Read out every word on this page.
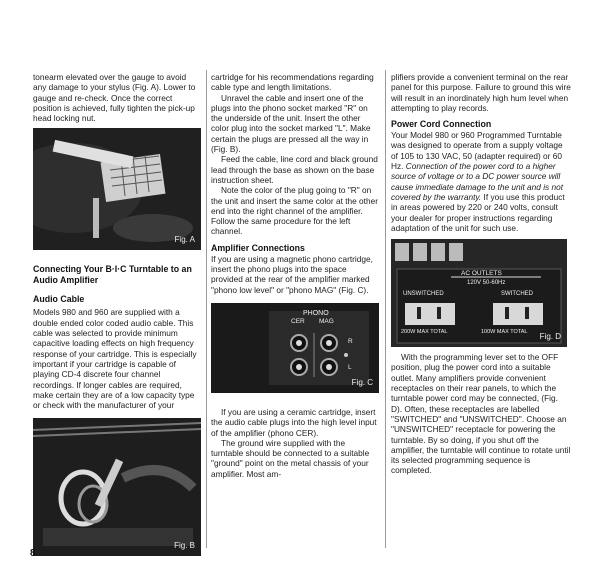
tonearm elevated over the gauge to avoid any damage to your stylus (Fig. A). Lower to gauge and re-check. Once the correct position is achieved, fully tighten the pick-up head locking nut.

Fig. A
Connecting Your B·I·C Turntable to an Audio Amplifier
Audio Cable

Models 980 and 960 are supplied with a double ended color coded audio cable. This cable was selected to provide minimum capacitive loading effects on high frequency response of your cartridge. This is especially important if your cartridge is capable of playing CD-4 discrete four channel recordings. If longer cables are required, make certain they are of a low capacity type or check with the manufacturer of your

Fig. B

cartridge for his recommendations regarding cable type and length limitations.

Unravel the cable and insert one of the plugs into the phono socket marked "R" on the underside of the unit. Insert the other color plug into the socket marked "L". Make certain the plugs are pressed all the way in (Fig. B).

Feed the cable, line cord and black ground lead through the base as shown on the base instruction sheet.

Note the color of the plug going to "R" on the unit and insert the same color at the other end into the right channel of the amplifier. Follow the same procedure for the left channel.

Amplifier Connections

If you are using a magnetic phono cartridge, insert the phono plugs into the space provided at the rear of the amplifier marked "phono low level" or "phono MAG" (Fig. C).

PHONO
CER MAG
R
L
Fig. C

If you are using a ceramic cartridge, insert the audio cable plugs into the high level input of the amplifier (phono CER).

The ground wire supplied with the turntable should be connected to a suitable "ground" point on the metal chassis of your amplifier. Most am-

plifiers provide a convenient terminal on the rear panel for this purpose. Failure to ground this wire will result in an inordinately high hum level when attempting to play records.

Power Cord Connection

Your Model 980 or 960 Programmed Turntable was designed to operate from a supply voltage of 105 to 130 VAC, 50 (adapter required) or 60 Hz. Connection of the power cord to a higher source of voltage or to a DC power source will cause immediate damage to the unit and is not covered by the warranty. If you use this product in areas powered by 220 or 240 volts, consult your dealer for proper instructions regarding adaptation of the unit for such use.

AC OUTLETS
120V 50-60Hz
UNSWITCHED	SWITCHED
200W MAX TOTAL	100W MAX TOTAL Fig. D

With the programming lever set to the OFF position, plug the power cord into a suitable outlet. Many amplifiers provide convenient receptacles on their rear panels, to which the turntable power cord may be connected, (Fig. D). Often, these receptacles are labelled "SWITCHED" and "UNSWITCHED". Choose an "UNSWITCHED" receptacle for powering the turntable. By so doing, if you shut off the amplifier, the turntable will continue to rotate until its selected programming sequence is completed.

8
